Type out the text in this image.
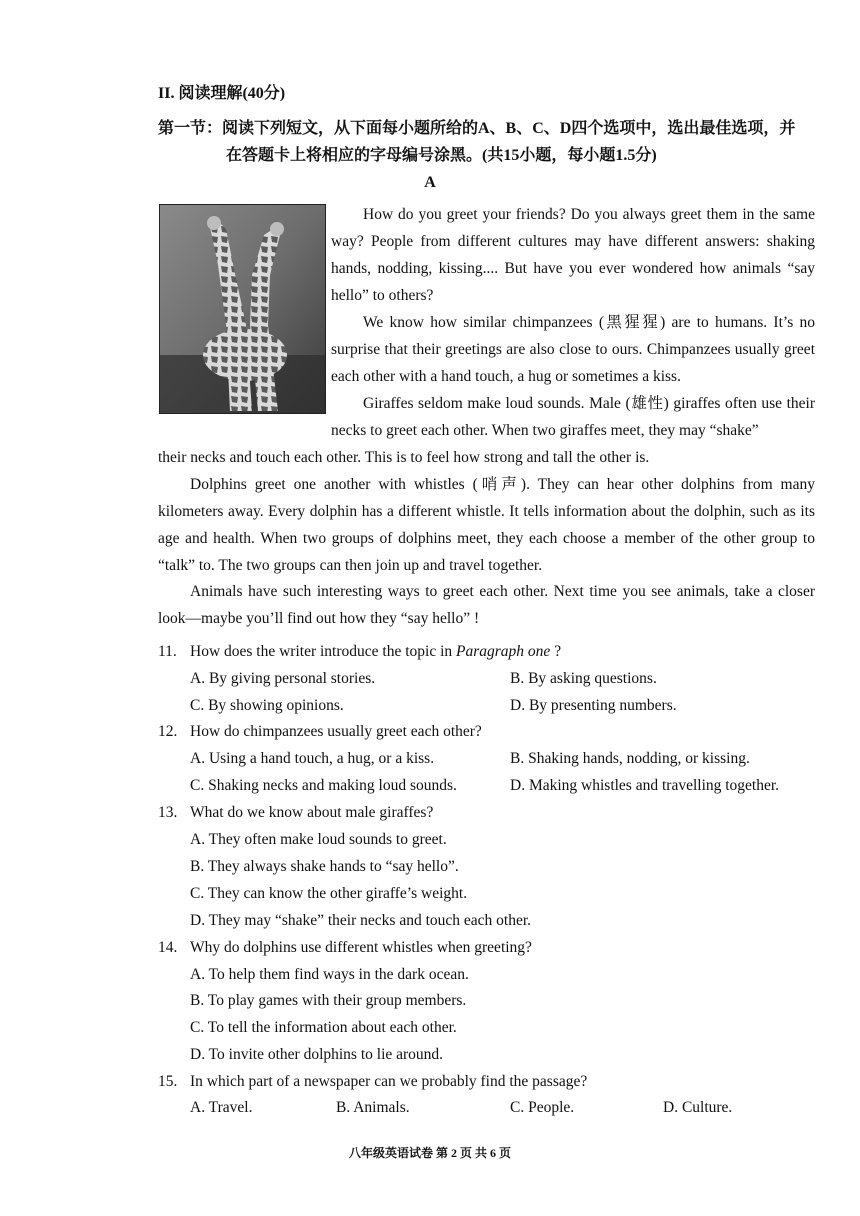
II. 阅读理解(40分)
第一节：阅读下列短文，从下面每小题所给的A、B、C、D四个选项中，选出最佳选项，并
在答题卡上将相应的字母编号涂黑。(共15小题，每小题1.5分)
A
How do you greet your friends? Do you always greet them in the same way? People from different cultures may have different answers: shaking hands, nodding, kissing.... But have you ever wondered how animals “say hello” to others?
We know how similar chimpanzees (黑猩猩) are to humans. It’s no surprise that their greetings are also close to ours. Chimpanzees usually greet each other with a hand touch, a hug or sometimes a kiss.
Giraffes seldom make loud sounds. Male (雄性) giraffes often use their necks to greet each other. When two giraffes meet, they may “shake”
their necks and touch each other. This is to feel how strong and tall the other is.
Dolphins greet one another with whistles (哨声). They can hear other dolphins from many kilometers away. Every dolphin has a different whistle. It tells information about the dolphin, such as its age and health. When two groups of dolphins meet, they each choose a member of the other group to “talk” to. The two groups can then join up and travel together.
Animals have such interesting ways to greet each other. Next time you see animals, take a closer look—maybe you’ll find out how they “say hello” !
11. How does the writer introduce the topic in Paragraph one ?
A. By giving personal stories.	B. By asking questions.
C. By showing opinions.	D. By presenting numbers.
12. How do chimpanzees usually greet each other?
A. Using a hand touch, a hug, or a kiss.	B. Shaking hands, nodding, or kissing.
C. Shaking necks and making loud sounds.	D. Making whistles and travelling together.
13. What do we know about male giraffes?
A. They often make loud sounds to greet.
B. They always shake hands to “say hello”.
C. They can know the other giraffe’s weight.
D. They may “shake” their necks and touch each other.
14. Why do dolphins use different whistles when greeting?
A. To help them find ways in the dark ocean.
B. To play games with their group members.
C. To tell the information about each other.
D. To invite other dolphins to lie around.
15. In which part of a newspaper can we probably find the passage?
A. Travel.	B. Animals.	C. People.	D. Culture.
八年级英语试卷 第 2 页 共 6 页
